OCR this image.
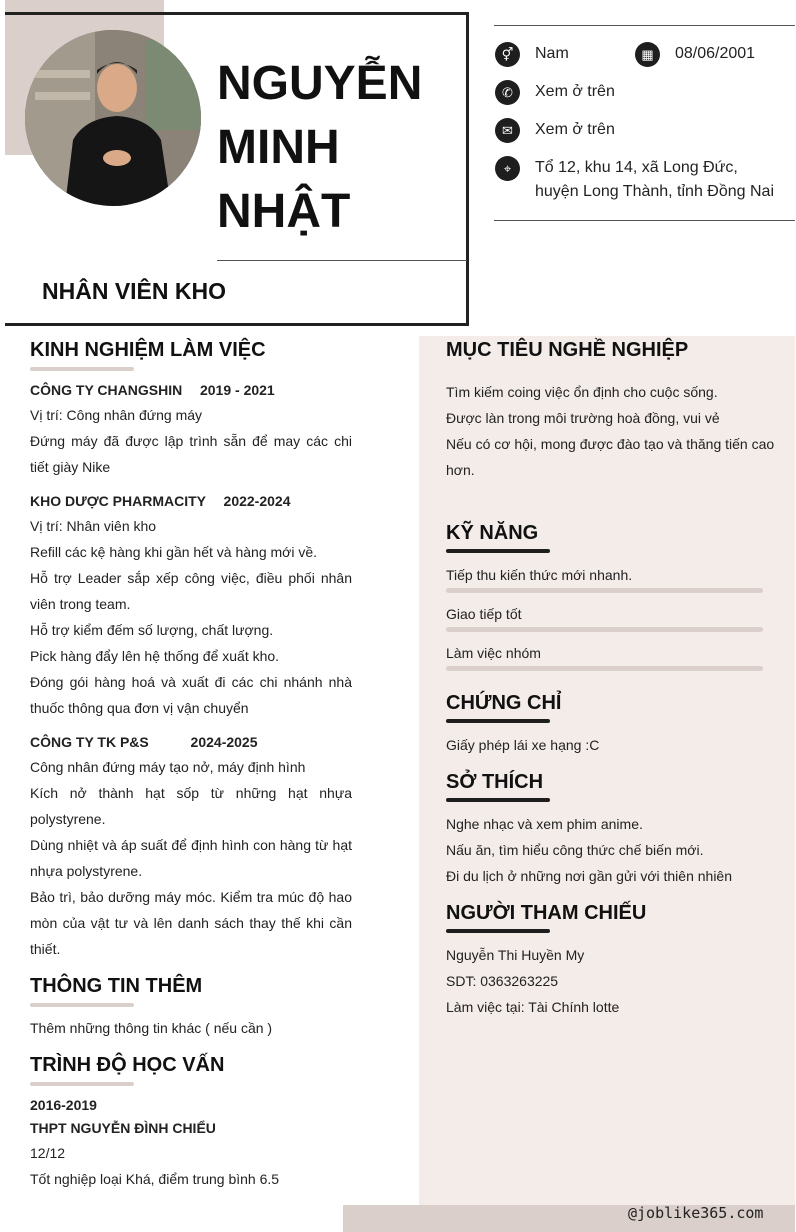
NGUYỄN
MINH
NHẬT
NHÂN VIÊN KHO
⚥	Nam	▦	08/06/2001
✆	Xem ở trên
✉	Xem ở trên
⌖	Tổ 12, khu 14, xã Long Đức,
huyện Long Thành, tỉnh Đồng Nai
KINH NGHIỆM LÀM VIỆC
CÔNG TY CHANGSHIN 2019 - 2021
Vị trí: Công nhân đứng máy
Đứng máy đã được lập trình sẵn để may các chi tiết giày Nike
KHO DƯỢC PHARMACITY 2022-2024
Vị trí: Nhân viên kho
Refill các kệ hàng khi gần hết và hàng mới về.
Hỗ trợ Leader sắp xếp công việc, điều phối nhân viên trong team.
Hỗ trợ kiểm đếm số lượng, chất lượng.
Pick hàng đẩy lên hệ thống để xuất kho.
Đóng gói hàng hoá và xuất đi các chi nhánh nhà thuốc thông qua đơn vị vận chuyển
CÔNG TY TK P&S	2024-2025
Công nhân đứng máy tạo nở, máy định hình
Kích nở thành hạt sốp từ những hạt nhựa polystyrene.
Dùng nhiệt và áp suất để định hình con hàng từ hạt nhựa polystyrene.
Bảo trì, bảo dưỡng máy móc. Kiểm tra múc độ hao mòn của vật tư và lên danh sách thay thế khi cần thiết.
THÔNG TIN THÊM
Thêm những thông tin khác ( nếu cần )
TRÌNH ĐỘ HỌC VẤN
2016-2019
THPT NGUYỄN ĐÌNH CHIỂU
12/12
Tốt nghiệp loại Khá, điểm trung bình 6.5
MỤC TIÊU NGHỀ NGHIỆP
Tìm kiếm coing việc ổn định cho cuộc sống.
Được làn trong môi trường hoà đồng, vui vẻ
Nếu có cơ hội, mong được đào tạo và thăng tiến cao hơn.
KỸ NĂNG
Tiếp thu kiến thức mới nhanh.
Giao tiếp tốt
Làm việc nhóm
CHỨNG CHỈ
Giấy phép lái xe hạng :C
SỞ THÍCH
Nghe nhạc và xem phim anime.
Nấu ăn, tìm hiểu công thức chế biến mới.
Đi du lịch ở những nơi gần gửi với thiên nhiên
NGƯỜI THAM CHIẾU
Nguyễn Thi Huyền My
SDT: 0363263225
Làm việc tại: Tài Chính lotte
@joblike365.com
